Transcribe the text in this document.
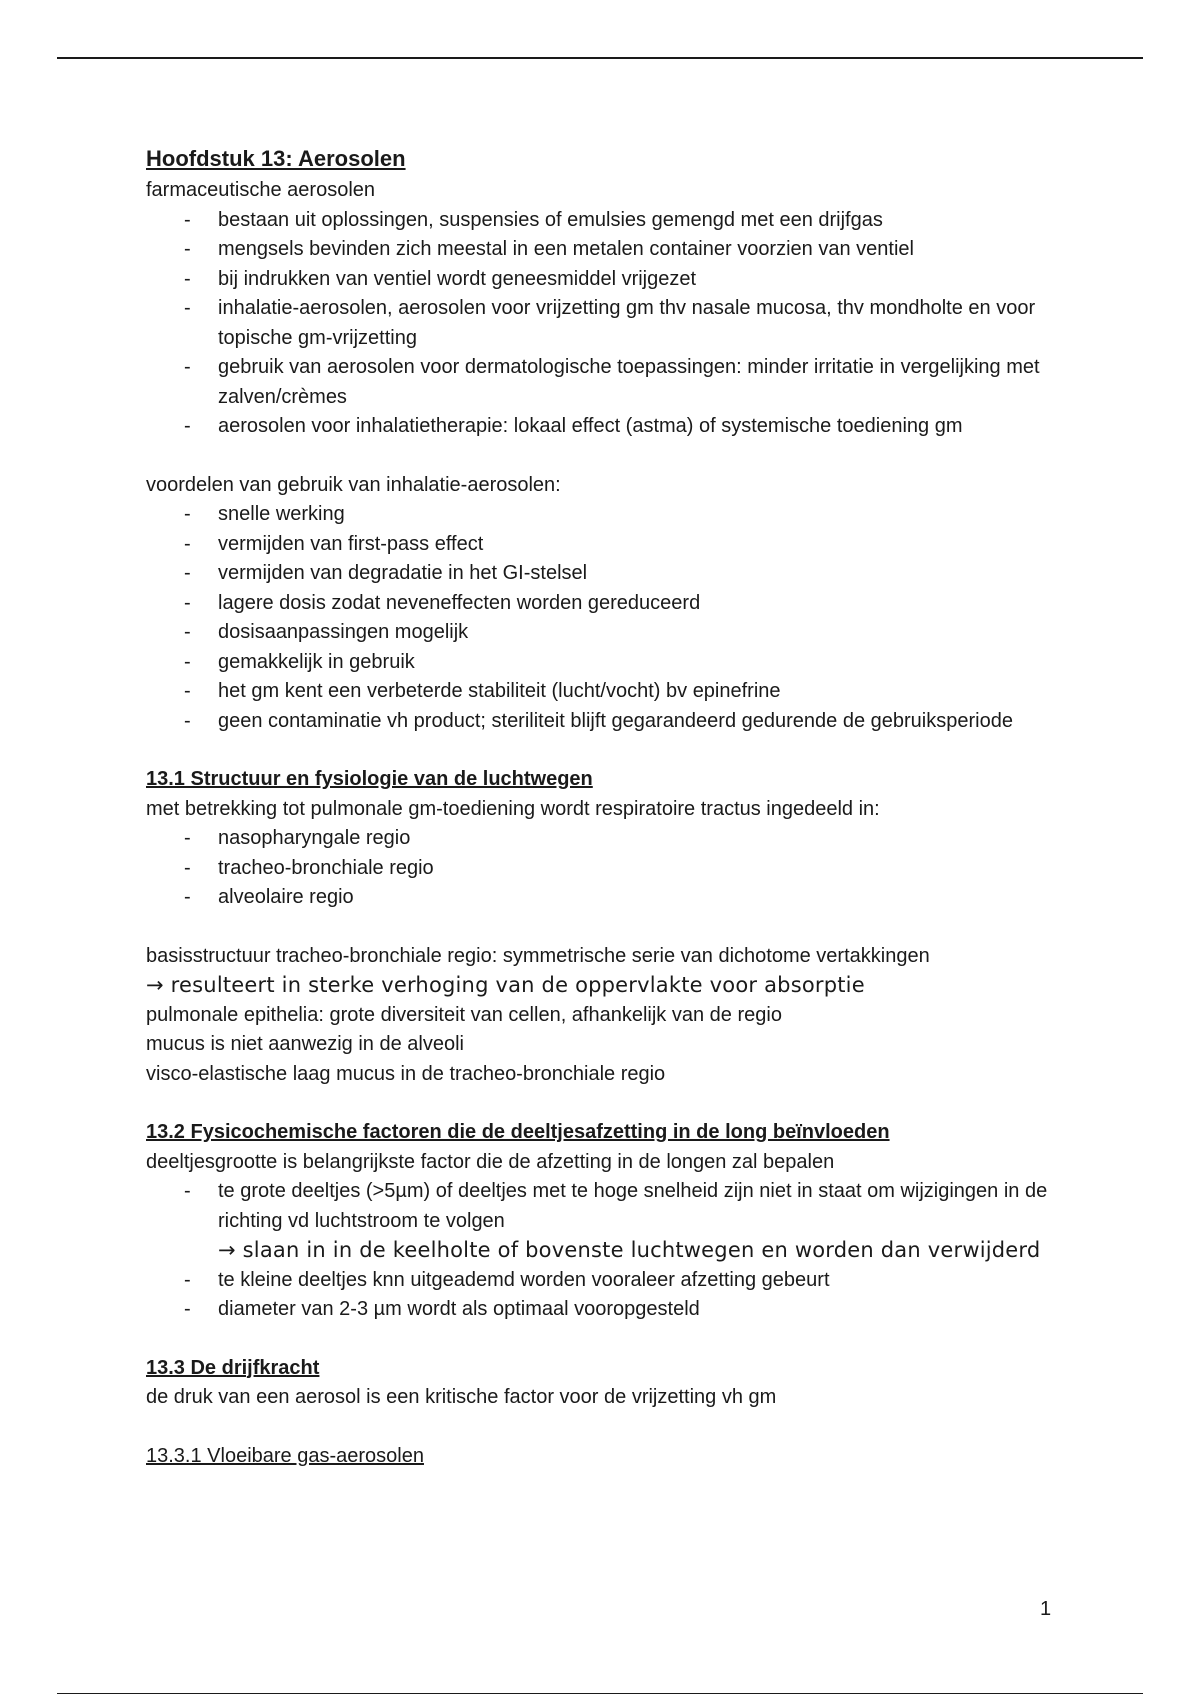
Hoofdstuk 13: Aerosolen

farmaceutische aerosolen

- bestaan uit oplossingen, suspensies of emulsies gemengd met een drijfgas
- mengsels bevinden zich meestal in een metalen container voorzien van ventiel
- bij indrukken van ventiel wordt geneesmiddel vrijgezet
- inhalatie-aerosolen, aerosolen voor vrijzetting gm thv nasale mucosa, thv mondholte en voor topische gm-vrijzetting
- gebruik van aerosolen voor dermatologische toepassingen: minder irritatie in vergelijking met zalven/crèmes
- aerosolen voor inhalatietherapie: lokaal effect (astma) of systemische toediening gm

voordelen van gebruik van inhalatie-aerosolen:

- snelle werking
- vermijden van first-pass effect
- vermijden van degradatie in het GI-stelsel
- lagere dosis zodat neveneffecten worden gereduceerd
- dosisaanpassingen mogelijk
- gemakkelijk in gebruik
- het gm kent een verbeterde stabiliteit (lucht/vocht) bv epinefrine
- geen contaminatie vh product; steriliteit blijft gegarandeerd gedurende de gebruiksperiode
13.1 Structuur en fysiologie van de luchtwegen

met betrekking tot pulmonale gm-toediening wordt respiratoire tractus ingedeeld in:

- nasopharyngale regio
- tracheo-bronchiale regio
- alveolaire regio

basisstructuur tracheo-bronchiale regio: symmetrische serie van dichotome vertakkingen

→ resulteert in sterke verhoging van de oppervlakte voor absorptie

pulmonale epithelia: grote diversiteit van cellen, afhankelijk van de regio

mucus is niet aanwezig in de alveoli

visco-elastische laag mucus in de tracheo-bronchiale regio

13.2 Fysicochemische factoren die de deeltjesafzetting in de long beïnvloeden

deeltjesgrootte is belangrijkste factor die de afzetting in de longen zal bepalen

- te grote deeltjes (>5µm) of deeltjes met te hoge snelheid zijn niet in staat om wijzigingen in de richting vd luchtstroom te volgen
→ slaan in in de keelholte of bovenste luchtwegen en worden dan verwijderd
- te kleine deeltjes knn uitgeademd worden vooraleer afzetting gebeurt
- diameter van 2-3 µm wordt als optimaal vooropgesteld
13.3 De drijfkracht

de druk van een aerosol is een kritische factor voor de vrijzetting vh gm

13.3.1 Vloeibare gas-aerosolen
1
